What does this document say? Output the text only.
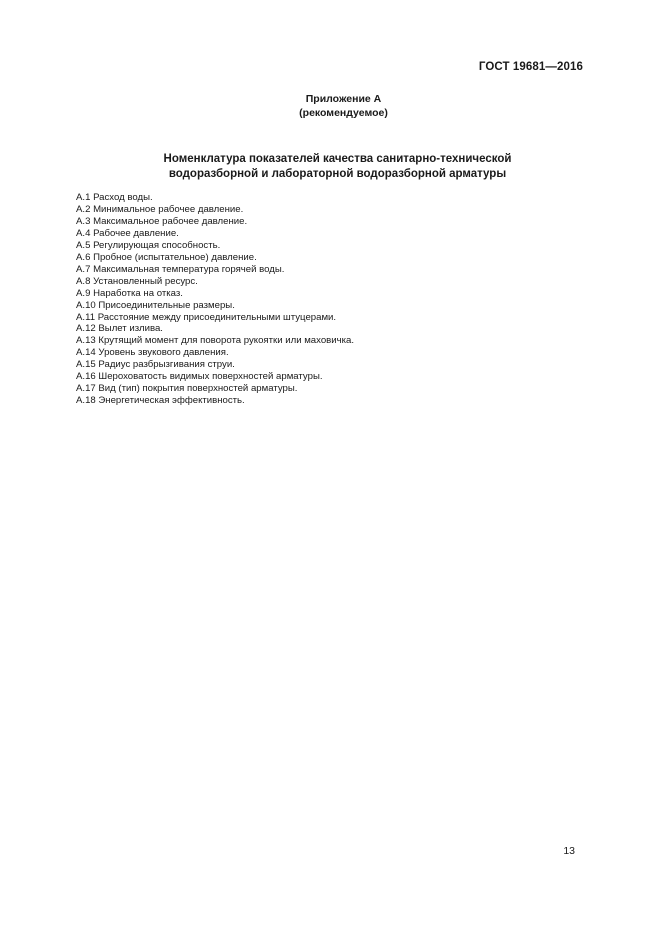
ГОСТ 19681—2016
Приложение А
(рекомендуемое)
Номенклатура показателей качества санитарно-технической
водоразборной и лабораторной водоразборной арматуры
А.1 Расход воды.
А.2 Минимальное рабочее давление.
А.3 Максимальное рабочее давление.
А.4 Рабочее давление.
А.5 Регулирующая способность.
А.6 Пробное (испытательное) давление.
А.7 Максимальная температура горячей воды.
А.8 Установленный ресурс.
А.9 Наработка на отказ.
А.10 Присоединительные размеры.
А.11 Расстояние между присоединительными штуцерами.
А.12 Вылет излива.
А.13 Крутящий момент для поворота рукоятки или маховичка.
А.14 Уровень звукового давления.
А.15 Радиус разбрызгивания струи.
А.16 Шероховатость видимых поверхностей арматуры.
А.17 Вид (тип) покрытия поверхностей арматуры.
А.18 Энергетическая эффективность.
13
